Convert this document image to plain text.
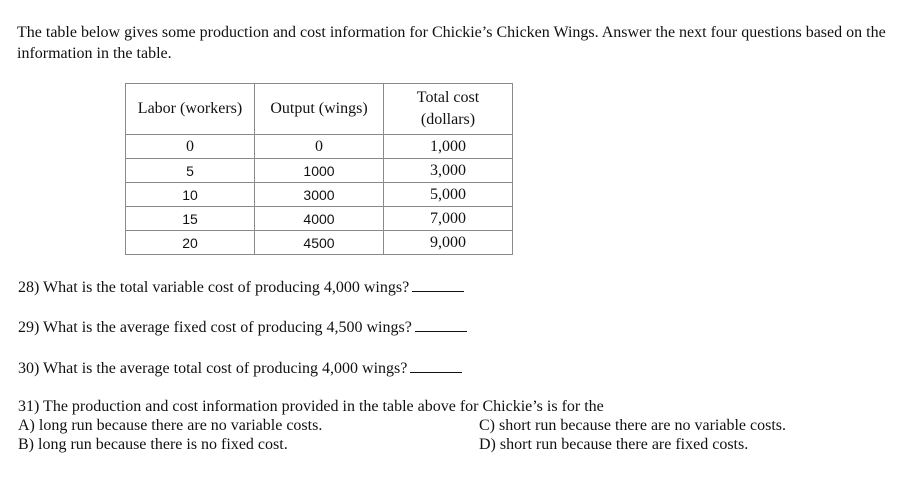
The table below gives some production and cost information for Chickie’s Chicken Wings. Answer the next four questions based on the information in the table.
Labor (workers)	Output (wings)	Total cost
(dollars)
0	0	1,000
5	1000	3,000
10	3000	5,000
15	4000	7,000
20	4500	9,000
28) What is the total variable cost of producing 4,000 wings?
29) What is the average fixed cost of producing 4,500 wings?
30) What is the average total cost of producing 4,000 wings?
31) The production and cost information provided in the table above for Chickie’s is for the
A) long run because there are no variable costs.	C) short run because there are no variable costs.
B) long run because there is no fixed cost.	D) short run because there are fixed costs.
